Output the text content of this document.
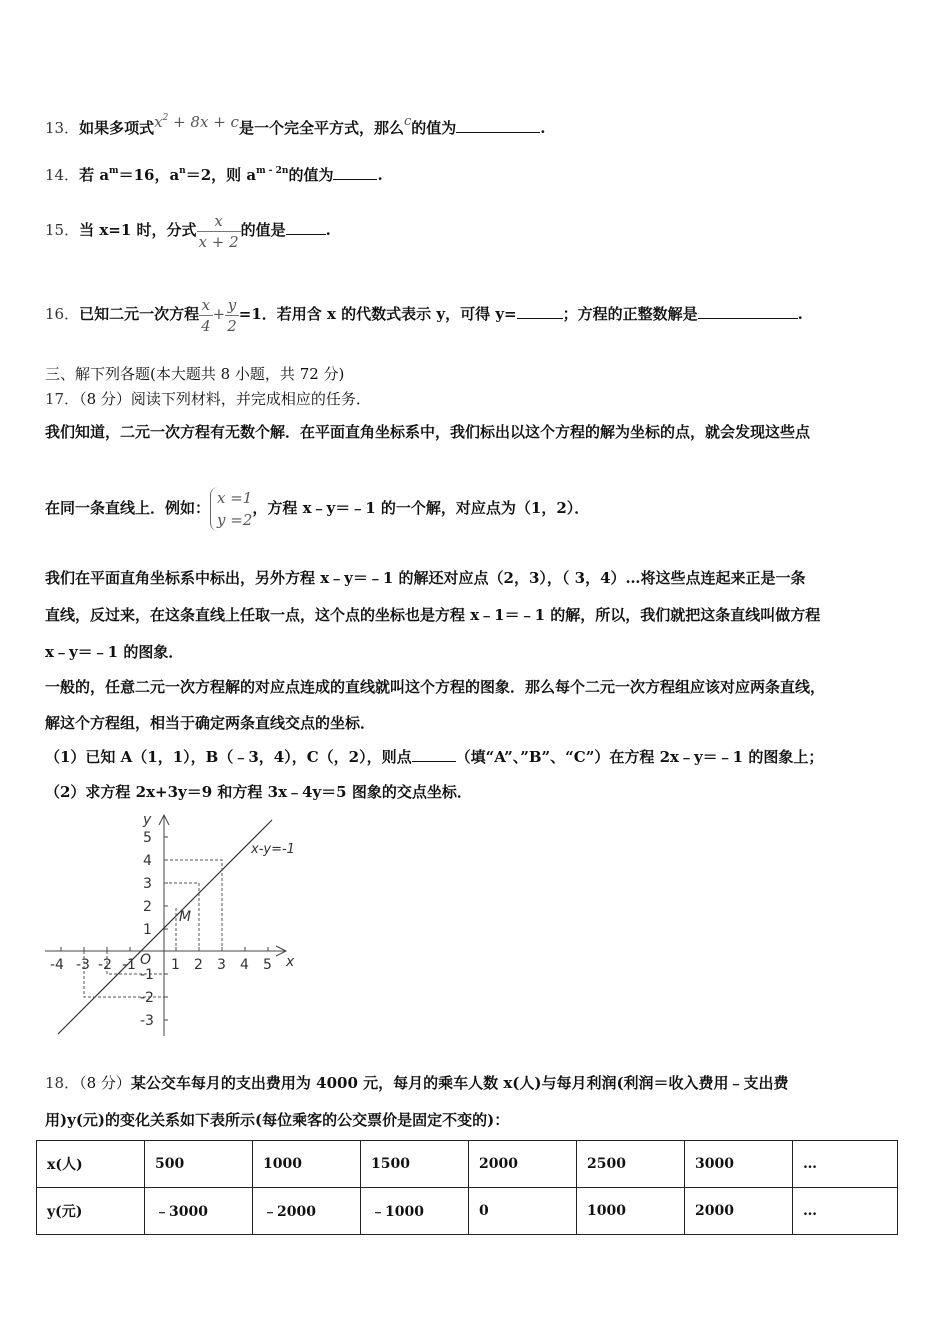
13．如果多项式$x^2 + 8x + c$是一个完全平方式，那么c的值为	.
14．若 $a^m=16$，$a^n=2$，则 $a^{m - 2n}$的值为	.
15．当 x=1 时，分式 $\frac{x}{x + 2}$ 的值是	.
16．已知二元一次方程 $\frac{x}{4} + \frac{y}{2} =1$．若用含 x 的代数式表示 y，可得 y=	；方程的正整数解是	.
三、解下列各题(本大题共 8 小题，共 72 分)
17．（8 分）阅读下列材料，并完成相应的任务．
我们知道，二元一次方程有无数个解．在平面直角坐标系中，我们标出以这个方程的解为坐标的点，就会发现这些点
在同一条直线上．例如：
x =1
y =2
，方程 x﹣y＝﹣1 的一个解，对应点为（1，2）．
我们在平面直角坐标系中标出，另外方程 x﹣y＝﹣1 的解还对应点（2，3），（ 3，4）…将这些点连起来正是一条
直线，反过来，在这条直线上任取一点，这个点的坐标也是方程 x﹣1＝﹣1 的解，所以，我们就把这条直线叫做方程
x﹣y＝﹣1 的图象．
一般的，任意二元一次方程解的对应点连成的直线就叫这个方程的图象．那么每个二元一次方程组应该对应两条直线，
解这个方程组，相当于确定两条直线交点的坐标．
（1）已知 A（1，1），B（﹣3，4），C（，2），则点	（填“A”、”B”、“C”）在方程 2x﹣y＝﹣1 的图象上；
（2）求方程 2x+3y＝9 和方程 3x﹣4y＝5 图象的交点坐标．
-4 -3 -2 -1	1 2 3 4 5
5
4
3
2
1
-1
-2
-3
O	x
y
M
x-y=-1
18．（8 分）某公交车每月的支出费用为 4000 元，每月的乘车人数 x(人)与每月利润(利润＝收入费用﹣支出费
用)y(元)的变化关系如下表所示(每位乘客的公交票价是固定不变的)：
x(人)	500	1000	1500	2000	2500	3000	…
y(元)	﹣3000	﹣2000	﹣1000	0	1000	2000	…
